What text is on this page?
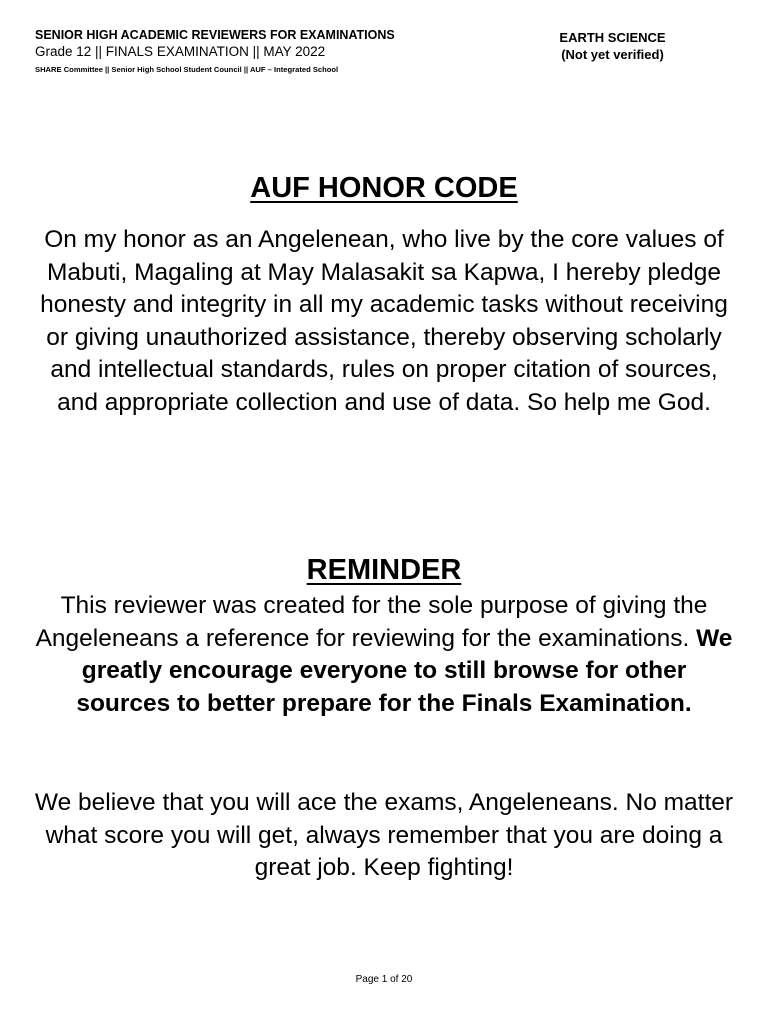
SENIOR HIGH ACADEMIC REVIEWERS FOR EXAMINATIONS
Grade 12 || FINALS EXAMINATION || MAY 2022
SHARE Committee || Senior High School Student Council || AUF – Integrated School
EARTH SCIENCE
(Not yet verified)
AUF HONOR CODE
On my honor as an Angelenean, who live by the core values of Mabuti, Magaling at May Malasakit sa Kapwa, I hereby pledge honesty and integrity in all my academic tasks without receiving or giving unauthorized assistance, thereby observing scholarly and intellectual standards, rules on proper citation of sources, and appropriate collection and use of data. So help me God.
REMINDER
This reviewer was created for the sole purpose of giving the Angeleneans a reference for reviewing for the examinations. We greatly encourage everyone to still browse for other sources to better prepare for the Finals Examination.
We believe that you will ace the exams, Angeleneans. No matter what score you will get, always remember that you are doing a great job. Keep fighting!
Page 1 of 20
